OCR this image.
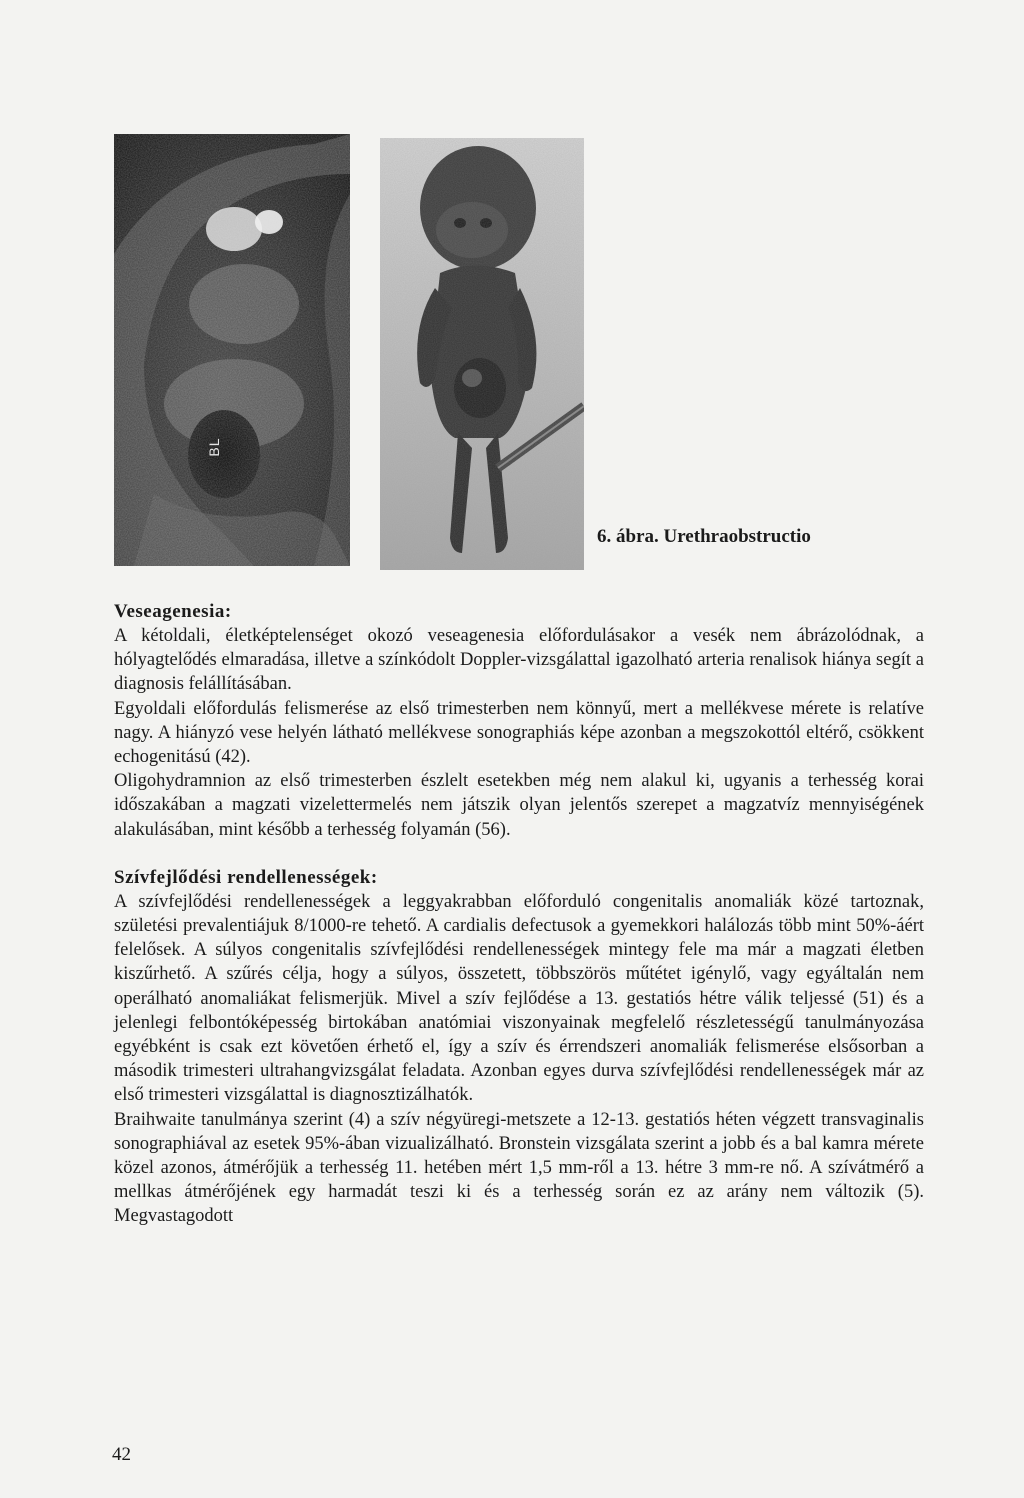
BL
6. ábra. Urethraobstructio
Veseagenesia:

A kétoldali, életképtelenséget okozó veseagenesia előfordulásakor a vesék nem ábrázolódnak, a hólyagtelődés elmaradása, illetve a színkódolt Doppler-vizsgálattal igazolható arteria renalisok hiánya segít a diagnosis felállításában.

Egyoldali előfordulás felismerése az első trimesterben nem könnyű, mert a mellékvese mérete is relatíve nagy. A hiányzó vese helyén látható mellékvese sonographiás képe azonban a megszokottól eltérő, csökkent echogenitású (42).

Oligohydramnion az első trimesterben észlelt esetekben még nem alakul ki, ugyanis a terhesség korai időszakában a magzati vizelettermelés nem játszik olyan jelentős szerepet a magzatvíz mennyiségének alakulásában, mint később a terhesség folyamán (56).

Szívfejlődési rendellenességek:

A szívfejlődési rendellenességek a leggyakrabban előforduló congenitalis anomaliák közé tartoznak, születési prevalentiájuk 8/1000-re tehető. A cardialis defectusok a gyemekkori halálozás több mint 50%-áért felelősek. A súlyos congenitalis szívfejlődési rendellenességek mintegy fele ma már a magzati életben kiszűrhető. A szűrés célja, hogy a súlyos, összetett, többszörös műtétet igénylő, vagy egyáltalán nem operálható anomaliákat felismerjük. Mivel a szív fejlődése a 13. gestatiós hétre válik teljessé (51) és a jelenlegi felbontóképesség birtokában anatómiai viszonyainak megfelelő részletességű tanulmányozása egyébként is csak ezt követően érhető el, így a szív és érrendszeri anomaliák felismerése elsősorban a második trimesteri ultrahangvizsgálat feladata. Azonban egyes durva szívfejlődési rendellenességek már az első trimesteri vizsgálattal is diagnosztizálhatók.

Braihwaite tanulmánya szerint (4) a szív négyüregi-metszete a 12-13. gestatiós héten végzett transvaginalis sonographiával az esetek 95%-ában vizualizálható. Bronstein vizsgálata szerint a jobb és a bal kamra mérete közel azonos, átmérőjük a terhesség 11. hetében mért 1,5 mm-ről a 13. hétre 3 mm-re nő. A szívátmérő a mellkas átmérőjének egy harmadát teszi ki és a terhesség során ez az arány nem változik (5). Megvastagodott

42
